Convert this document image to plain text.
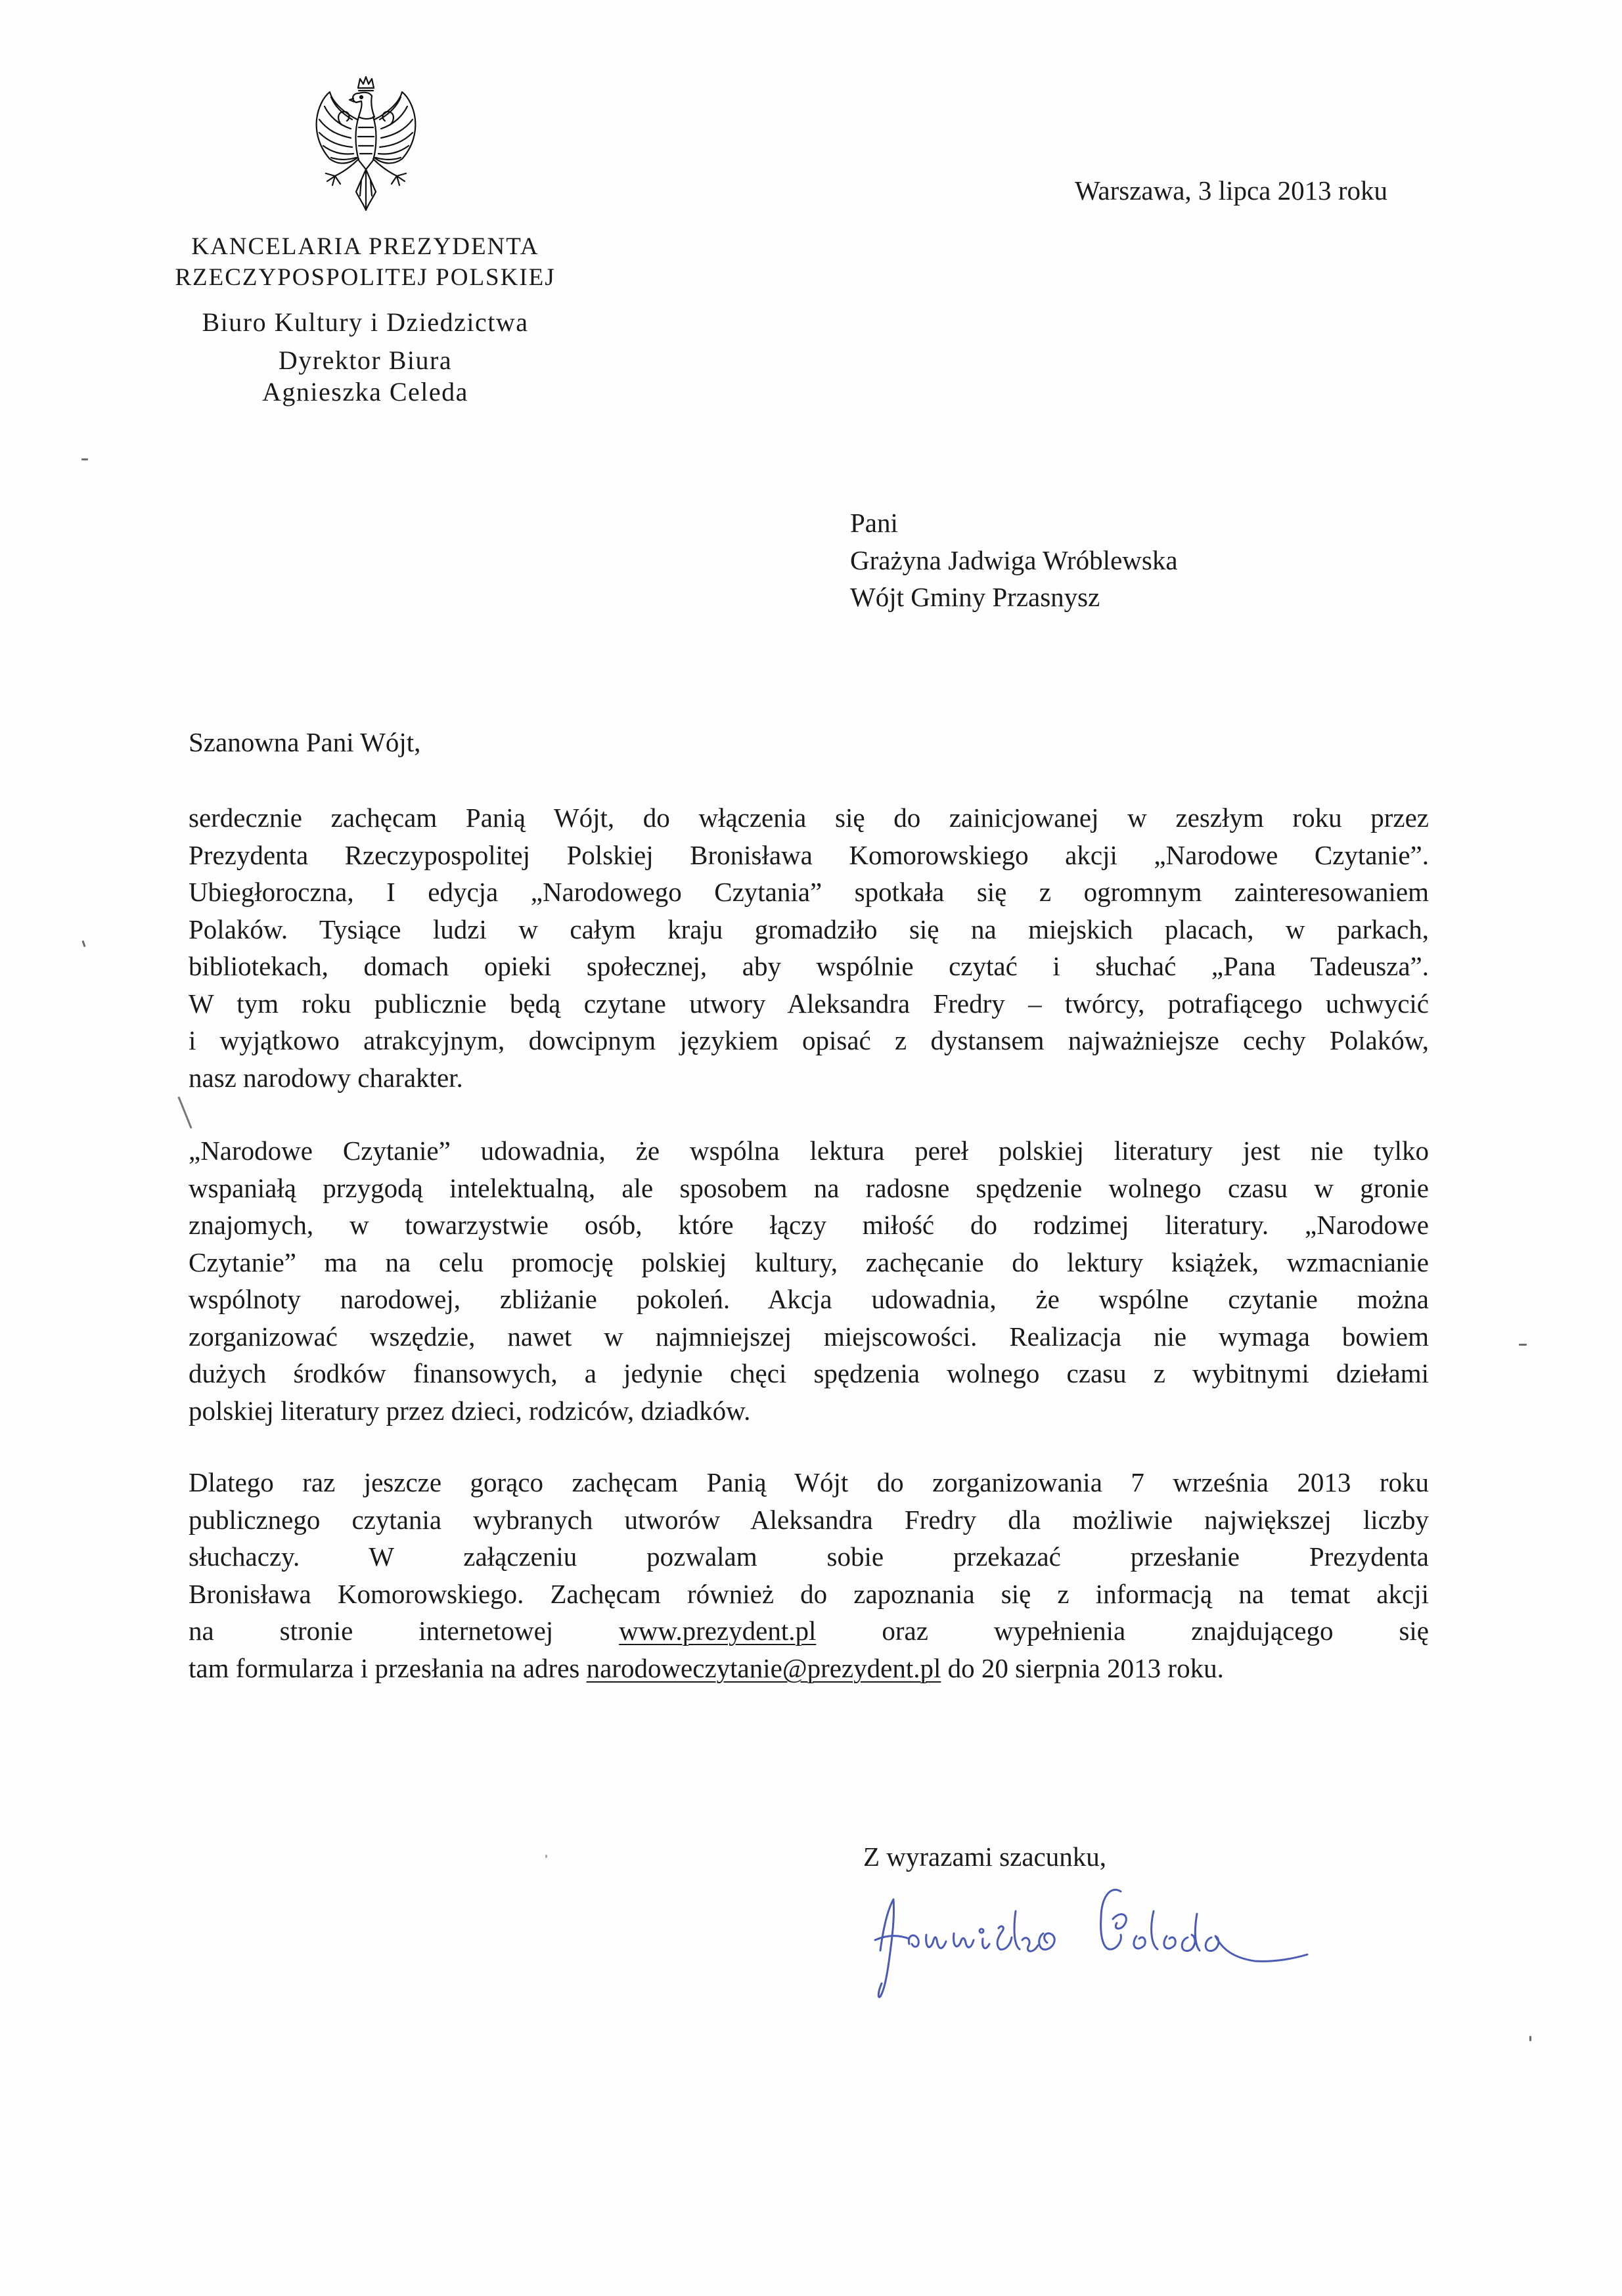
KANCELARIA PREZYDENTA
RZECZYPOSPOLITEJ POLSKIEJ
Biuro Kultury i Dziedzictwa
Dyrektor Biura
Agnieszka Celeda
Warszawa, 3 lipca 2013 roku
Pani
Grażyna Jadwiga Wróblewska
Wójt Gminy Przasnysz
Szanowna Pani Wójt,
serdecznie zachęcam Panią Wójt, do włączenia się do zainicjowanej w zeszłym roku przez
Prezydenta Rzeczypospolitej Polskiej Bronisława Komorowskiego akcji „Narodowe Czytanie”.
Ubiegłoroczna, I edycja „Narodowego Czytania” spotkała się z ogromnym zainteresowaniem
Polaków. Tysiące ludzi w całym kraju gromadziło się na miejskich placach, w parkach,
bibliotekach, domach opieki społecznej, aby wspólnie czytać i słuchać „Pana Tadeusza”.
W tym roku publicznie będą czytane utwory Aleksandra Fredry – twórcy, potrafiącego uchwycić
i wyjątkowo atrakcyjnym, dowcipnym językiem opisać z dystansem najważniejsze cechy Polaków,
nasz narodowy charakter.
„Narodowe Czytanie” udowadnia, że wspólna lektura pereł polskiej literatury jest nie tylko
wspaniałą przygodą intelektualną, ale sposobem na radosne spędzenie wolnego czasu w gronie
znajomych, w towarzystwie osób, które łączy miłość do rodzimej literatury. „Narodowe
Czytanie” ma na celu promocję polskiej kultury, zachęcanie do lektury książek, wzmacnianie
wspólnoty narodowej, zbliżanie pokoleń. Akcja udowadnia, że wspólne czytanie można
zorganizować wszędzie, nawet w najmniejszej miejscowości. Realizacja nie wymaga bowiem
dużych środków finansowych, a jedynie chęci spędzenia wolnego czasu z wybitnymi dziełami
polskiej literatury przez dzieci, rodziców, dziadków.
Dlatego raz jeszcze gorąco zachęcam Panią Wójt do zorganizowania 7 września 2013 roku
publicznego czytania wybranych utworów Aleksandra Fredry dla możliwie największej liczby
słuchaczy. W załączeniu pozwalam sobie przekazać przesłanie Prezydenta
Bronisława Komorowskiego. Zachęcam również do zapoznania się z informacją na temat akcji
na stronie internetowej www.prezydent.pl oraz wypełnienia znajdującego się
tam formularza i przesłania na adres narodoweczytanie@prezydent.pl do 20 sierpnia 2013 roku.
Z wyrazami szacunku,
